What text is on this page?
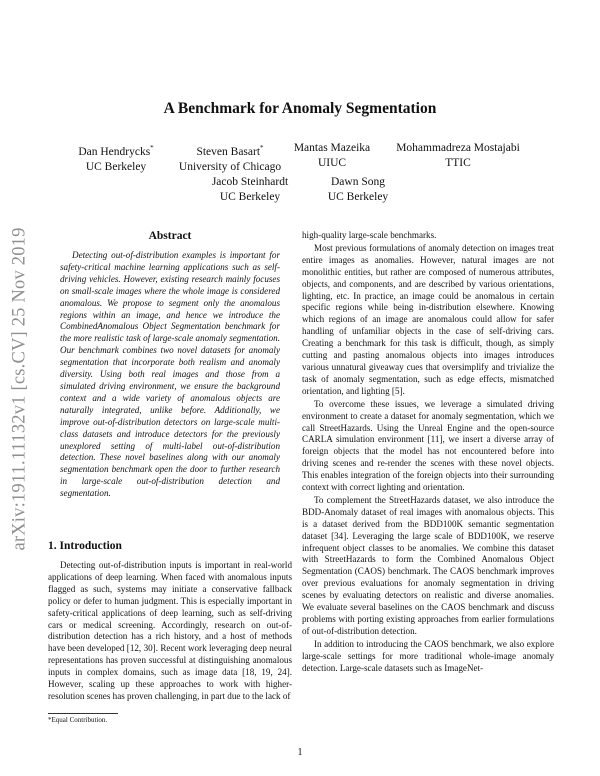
arXiv:1911.11132v1 [cs.CV] 25 Nov 2019
A Benchmark for Anomaly Segmentation
Dan Hendrycks*
UC Berkeley
Steven Basart*
University of Chicago
Mantas Mazeika
UIUC
Mohammadreza Mostajabi
TTIC
Jacob Steinhardt
UC Berkeley
Dawn Song
UC Berkeley
Abstract

Detecting out-of-distribution examples is important for safety-critical machine learning applications such as self-driving vehicles. However, existing research mainly focuses on small-scale images where the whole image is considered anomalous. We propose to segment only the anomalous regions within an image, and hence we introduce the CombinedAnomalous Object Segmentation benchmark for the more realistic task of large-scale anomaly segmentation. Our benchmark combines two novel datasets for anomaly segmentation that incorporate both realism and anomaly diversity. Using both real images and those from a simulated driving environment, we ensure the background context and a wide variety of anomalous objects are naturally integrated, unlike before. Additionally, we improve out-of-distribution detectors on large-scale multi-class datasets and introduce detectors for the previously unexplored setting of multi-label out-of-distribution detection. These novel baselines along with our anomaly segmentation benchmark open the door to further research in large-scale out-of-distribution detection and segmentation.

1. Introduction

Detecting out-of-distribution inputs is important in real-world applications of deep learning. When faced with anomalous inputs flagged as such, systems may initiate a conservative fallback policy or defer to human judgment. This is especially important in safety-critical applications of deep learning, such as self-driving cars or medical screening. Accordingly, research on out-of-distribution detection has a rich history, and a host of methods have been developed [12, 30]. Recent work leveraging deep neural representations has proven successful at distinguishing anomalous inputs in complex domains, such as image data [18, 19, 24]. However, scaling up these approaches to work with higher-resolution scenes has proven challenging, in part due to the lack of

high-quality large-scale benchmarks.

Most previous formulations of anomaly detection on images treat entire images as anomalies. However, natural images are not monolithic entities, but rather are composed of numerous attributes, objects, and components, and are described by various orientations, lighting, etc. In practice, an image could be anomalous in certain specific regions while being in-distribution elsewhere. Knowing which regions of an image are anomalous could allow for safer handling of unfamiliar objects in the case of self-driving cars. Creating a benchmark for this task is difficult, though, as simply cutting and pasting anomalous objects into images introduces various unnatural giveaway cues that oversimplify and trivialize the task of anomaly segmentation, such as edge effects, mismatched orientation, and lighting [5].

To overcome these issues, we leverage a simulated driving environment to create a dataset for anomaly segmentation, which we call StreetHazards. Using the Unreal Engine and the open-source CARLA simulation environment [11], we insert a diverse array of foreign objects that the model has not encountered before into driving scenes and re-render the scenes with these novel objects. This enables integration of the foreign objects into their surrounding context with correct lighting and orientation.

To complement the StreetHazards dataset, we also introduce the BDD-Anomaly dataset of real images with anomalous objects. This is a dataset derived from the BDD100K semantic segmentation dataset [34]. Leveraging the large scale of BDD100K, we reserve infrequent object classes to be anomalies. We combine this dataset with StreetHazards to form the Combined Anomalous Object Segmentation (CAOS) benchmark. The CAOS benchmark improves over previous evaluations for anomaly segmentation in driving scenes by evaluating detectors on realistic and diverse anomalies. We evaluate several baselines on the CAOS benchmark and discuss problems with porting existing approaches from earlier formulations of out-of-distribution detection.

In addition to introducing the CAOS benchmark, we also explore large-scale settings for more traditional whole-image anomaly detection. Large-scale datasets such as ImageNet-

*Equal Contribution.
1
